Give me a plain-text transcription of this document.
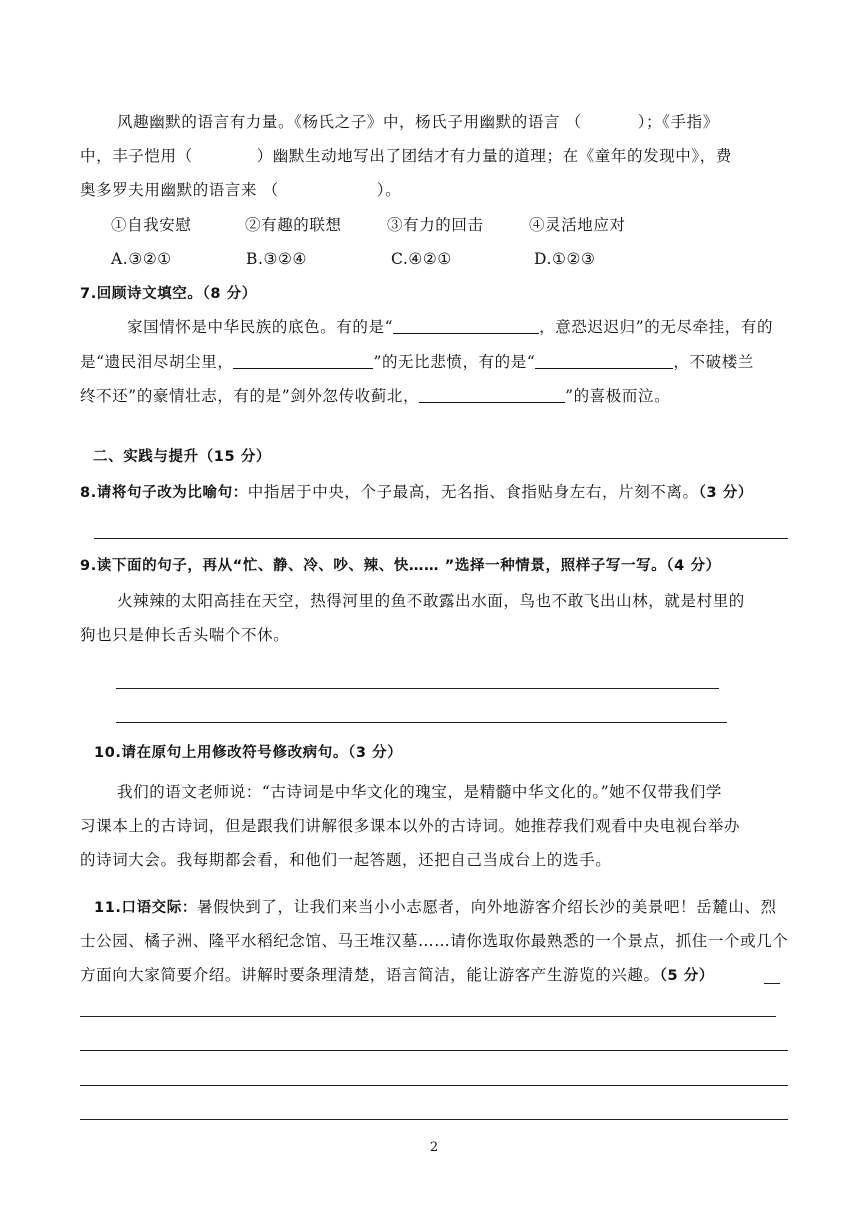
风趣幽默的语言有力量。《杨氏之子》中，杨氏子用幽默的语言 （	）；《手指》
中，丰子恺用（	）幽默生动地写出了团结才有力量的道理；在《童年的发现中》，费
奥多罗夫用幽默的语言来 （	）。
①自我安慰	②有趣的联想	③有力的回击	④灵活地应对
A.③②①	B.③②④	C.④②①	D.①②③
7.回顾诗文填空。（8 分）
家国情怀是中华民族的底色。有的是“	，意恐迟迟归”的无尽牵挂，有的
是“遗民泪尽胡尘里，	”的无比悲愤，有的是“	，不破楼兰
终不还”的豪情壮志，有的是”剑外忽传收蓟北，	”的喜极而泣。
二、实践与提升（15 分）
8.请将句子改为比喻句：中指居于中央，个子最高，无名指、食指贴身左右，片刻不离。（3 分）
9.读下面的句子，再从“忙、静、冷、吵、辣、快…… ”选择一种情景，照样子写一写。（4 分）
火辣辣的太阳高挂在天空，热得河里的鱼不敢露出水面，鸟也不敢飞出山林，就是村里的
狗也只是伸长舌头喘个不休。
10.请在原句上用修改符号修改病句。（3 分）
我们的语文老师说：“古诗词是中华文化的瑰宝，是精髓中华文化的。”她不仅带我们学
习课本上的古诗词，但是跟我们讲解很多课本以外的古诗词。她推荐我们观看中央电视台举办
的诗词大会。我每期都会看，和他们一起答题，还把自己当成台上的选手。
11.口语交际：暑假快到了，让我们来当小小志愿者，向外地游客介绍长沙的美景吧！岳麓山、烈
士公园、橘子洲、隆平水稻纪念馆、马王堆汉墓……请你选取你最熟悉的一个景点，抓住一个或几个
方面向大家简要介绍。讲解时要条理清楚，语言简洁，能让游客产生游览的兴趣。（5 分）
2
